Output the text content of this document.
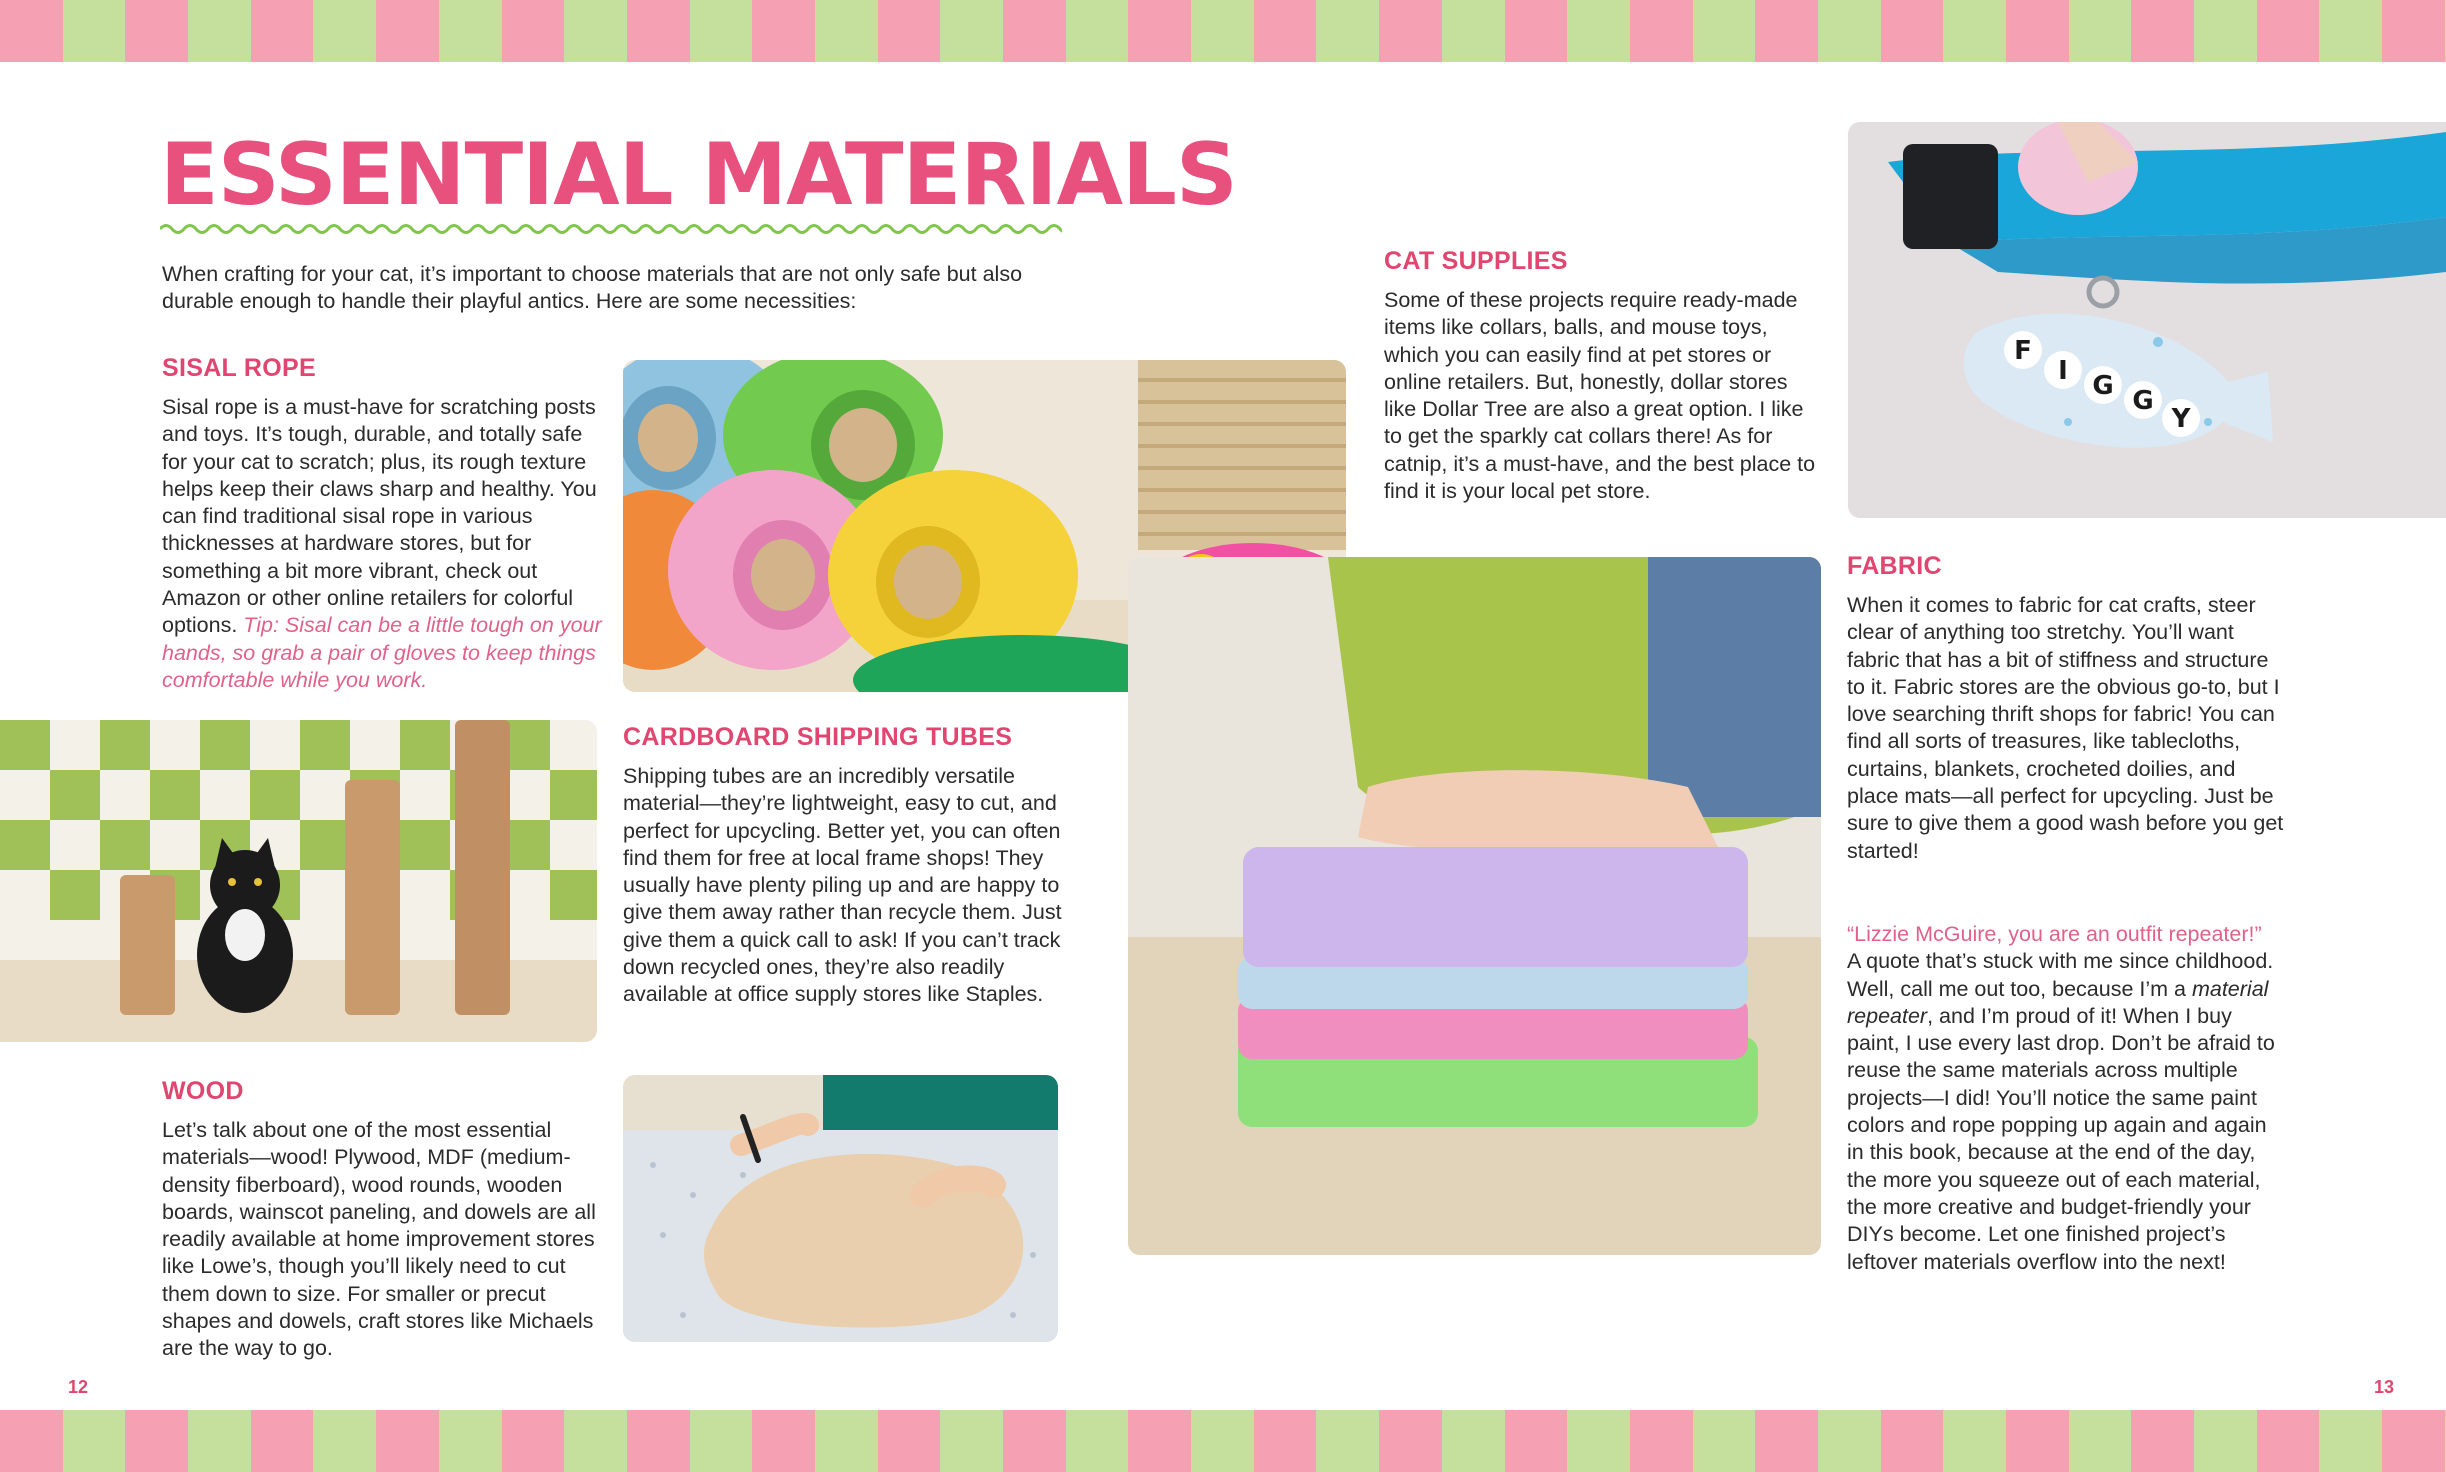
ESSENTIAL MATERIALS
When crafting for your cat, it’s important to choose materials that are not only safe but also durable enough to handle their playful antics. Here are some necessities:
SISAL ROPE
Sisal rope is a must-have for scratching posts and toys. It’s tough, durable, and totally safe for your cat to scratch; plus, its rough texture helps keep their claws sharp and healthy. You can find traditional sisal rope in various thicknesses at hardware stores, but for something a bit more vibrant, check out Amazon or other online retailers for colorful options. Tip: Sisal can be a little tough on your hands, so grab a pair of gloves to keep things comfortable while you work.
CARDBOARD SHIPPING TUBES
Shipping tubes are an incredibly versatile material—they’re lightweight, easy to cut, and perfect for upcycling. Better yet, you can often find them for free at local frame shops! They usually have plenty piling up and are happy to give them away rather than recycle them. Just give them a quick call to ask! If you can’t track down recycled ones, they’re also readily available at office supply stores like Staples.
WOOD
Let’s talk about one of the most essential materials—wood! Plywood, MDF (medium-density fiberboard), wood rounds, wooden boards, wainscot paneling, and dowels are all readily available at home improvement stores like Lowe’s, though you’ll likely need to cut them down to size. For smaller or precut shapes and dowels, craft stores like Michaels are the way to go.
CAT SUPPLIES
Some of these projects require ready-made items like collars, balls, and mouse toys, which you can easily find at pet stores or online retailers. But, honestly, dollar stores like Dollar Tree are also a great option. I like to get the sparkly cat collars there! As for catnip, it’s a must-have, and the best place to find it is your local pet store.
F
I G G
Y
FABRIC
When it comes to fabric for cat crafts, steer clear of anything too stretchy. You’ll want fabric that has a bit of stiffness and structure to it. Fabric stores are the obvious go-to, but I love searching thrift shops for fabric! You can find all sorts of treasures, like tablecloths, curtains, blankets, crocheted doilies, and place mats—all perfect for upcycling. Just be sure to give them a good wash before you get started!
“Lizzie McGuire, you are an outfit repeater!”
A quote that’s stuck with me since childhood. Well, call me out too, because I’m a material repeater, and I’m proud of it! When I buy paint, I use every last drop. Don’t be afraid to reuse the same materials across multiple projects—I did! You’ll notice the same paint colors and rope popping up again and again in this book, because at the end of the day, the more you squeeze out of each material, the more creative and budget-friendly your DIYs become. Let one finished project’s leftover materials overflow into the next!
12	13
